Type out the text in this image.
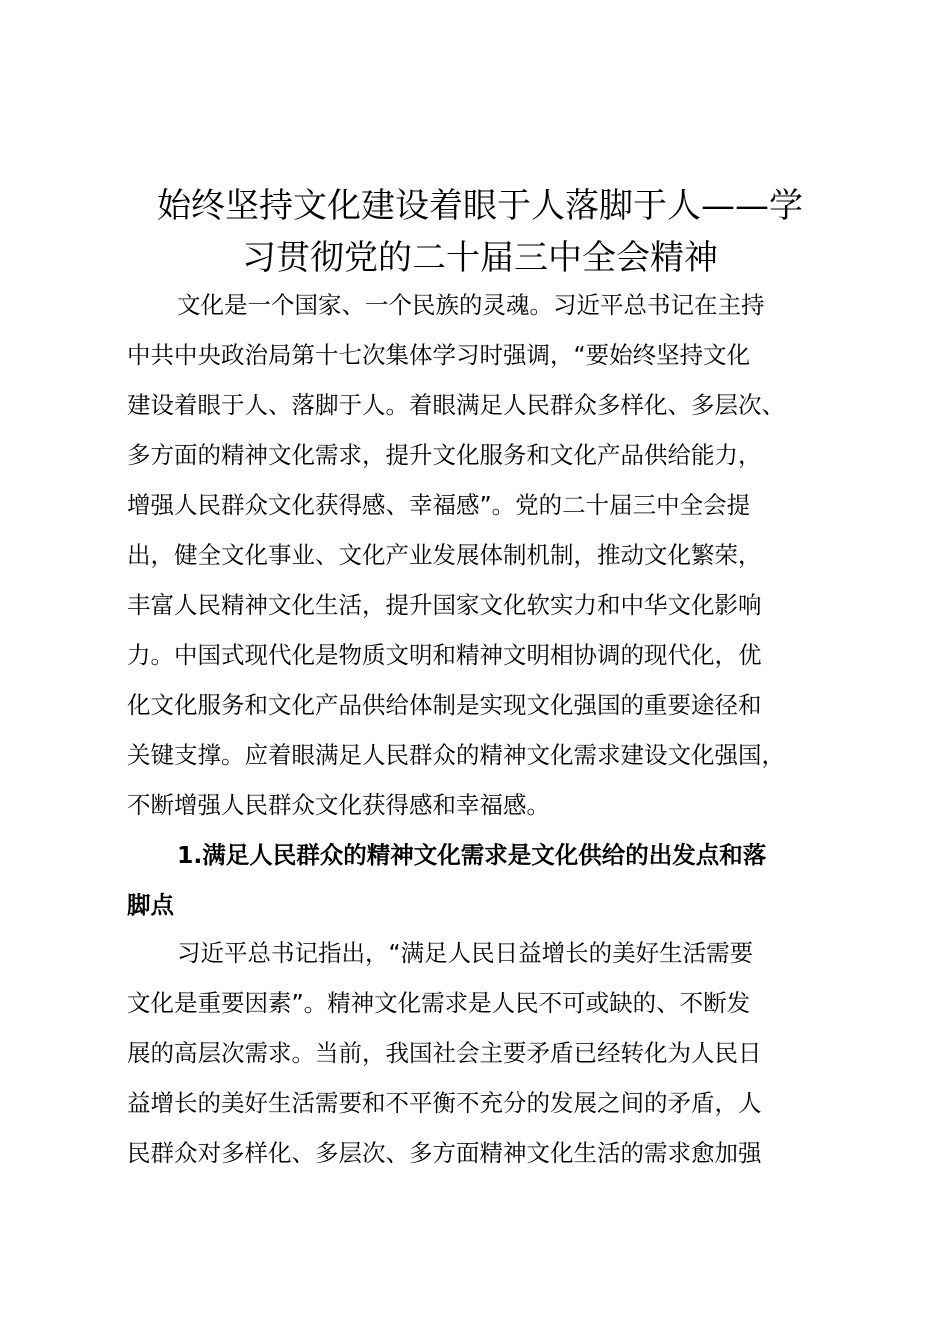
始终坚持文化建设着眼于人落脚于人——学
习贯彻党的二十届三中全会精神
文化是一个国家、一个民族的灵魂。习近平总书记在主持
中共中央政治局第十七次集体学习时强调，“要始终坚持文化
建设着眼于人、落脚于人。着眼满足人民群众多样化、多层次、
多方面的精神文化需求，提升文化服务和文化产品供给能力，
增强人民群众文化获得感、幸福感”。党的二十届三中全会提
出，健全文化事业、文化产业发展体制机制，推动文化繁荣，
丰富人民精神文化生活，提升国家文化软实力和中华文化影响
力。中国式现代化是物质文明和精神文明相协调的现代化，优
化文化服务和文化产品供给体制是实现文化强国的重要途径和
关键支撑。应着眼满足人民群众的精神文化需求建设文化强国，
不断增强人民群众文化获得感和幸福感。
1.满足人民群众的精神文化需求是文化供给的出发点和落
脚点
习近平总书记指出，“满足人民日益增长的美好生活需要
文化是重要因素”。精神文化需求是人民不可或缺的、不断发
展的高层次需求。当前，我国社会主要矛盾已经转化为人民日
益增长的美好生活需要和不平衡不充分的发展之间的矛盾，人
民群众对多样化、多层次、多方面精神文化生活的需求愈加强
